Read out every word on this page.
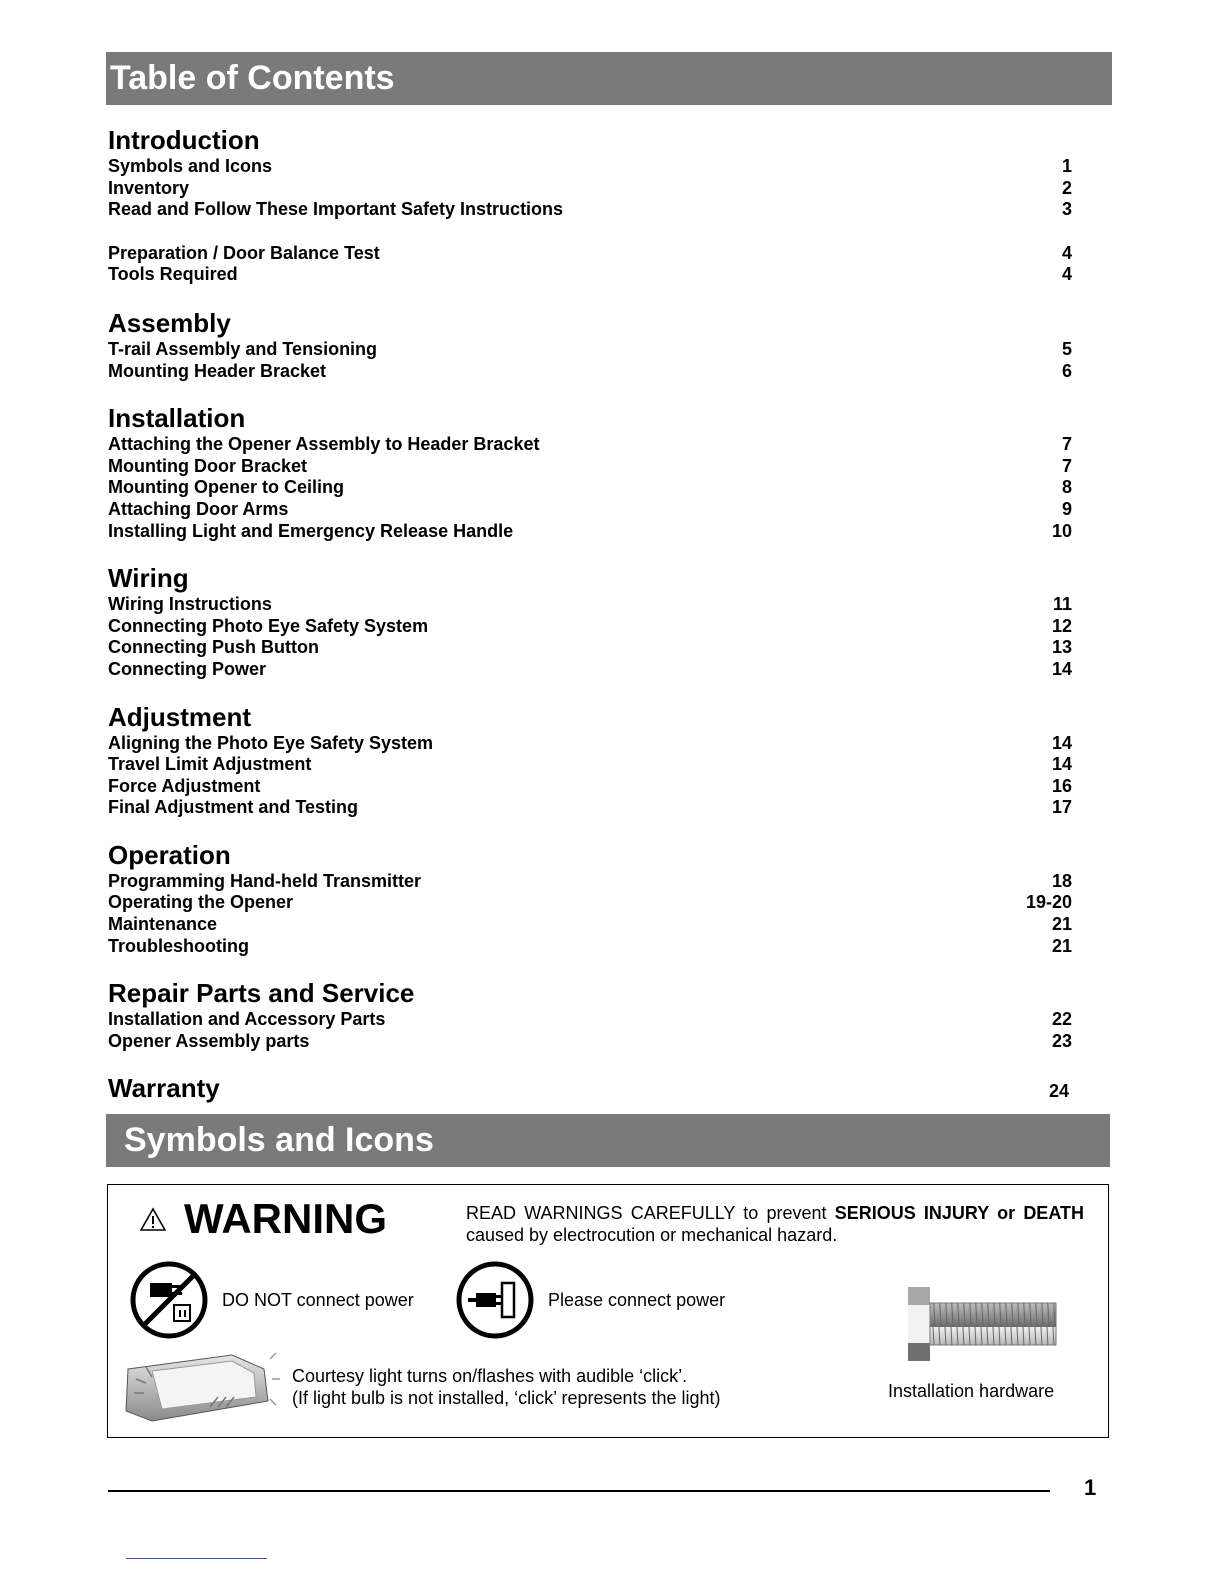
Table of Contents
Introduction
Symbols and Icons	1
Inventory	2
Read and Follow These Important Safety Instructions	3
Preparation / Door Balance Test	4
Tools Required	4
Assembly
T-rail Assembly and Tensioning	5
Mounting Header Bracket	6
Installation
Attaching the Opener Assembly to Header Bracket	7
Mounting Door Bracket	7
Mounting Opener to Ceiling	8
Attaching Door Arms	9
Installing Light and Emergency Release Handle	10
Wiring
Wiring Instructions	11
Connecting Photo Eye Safety System	12
Connecting Push Button	13
Connecting Power	14
Adjustment
Aligning the Photo Eye Safety System	14
Travel Limit Adjustment	14
Force Adjustment	16
Final Adjustment and Testing	17
Operation
Programming Hand-held Transmitter	18
Operating the Opener	19-20
Maintenance	21
Troubleshooting	21
Repair Parts and Service
Installation and Accessory Parts	22
Opener Assembly parts	23
Warranty	24
Symbols and Icons
WARNING	READ WARNINGS CAREFULLY to prevent SERIOUS INJURY or DEATH caused by electrocution or mechanical hazard.
DO NOT connect power	Please connect power
Courtesy light turns on/flashes with audible ‘click’.
(If light bulb is not installed, ‘click’ represents the light)	Installation hardware
1
